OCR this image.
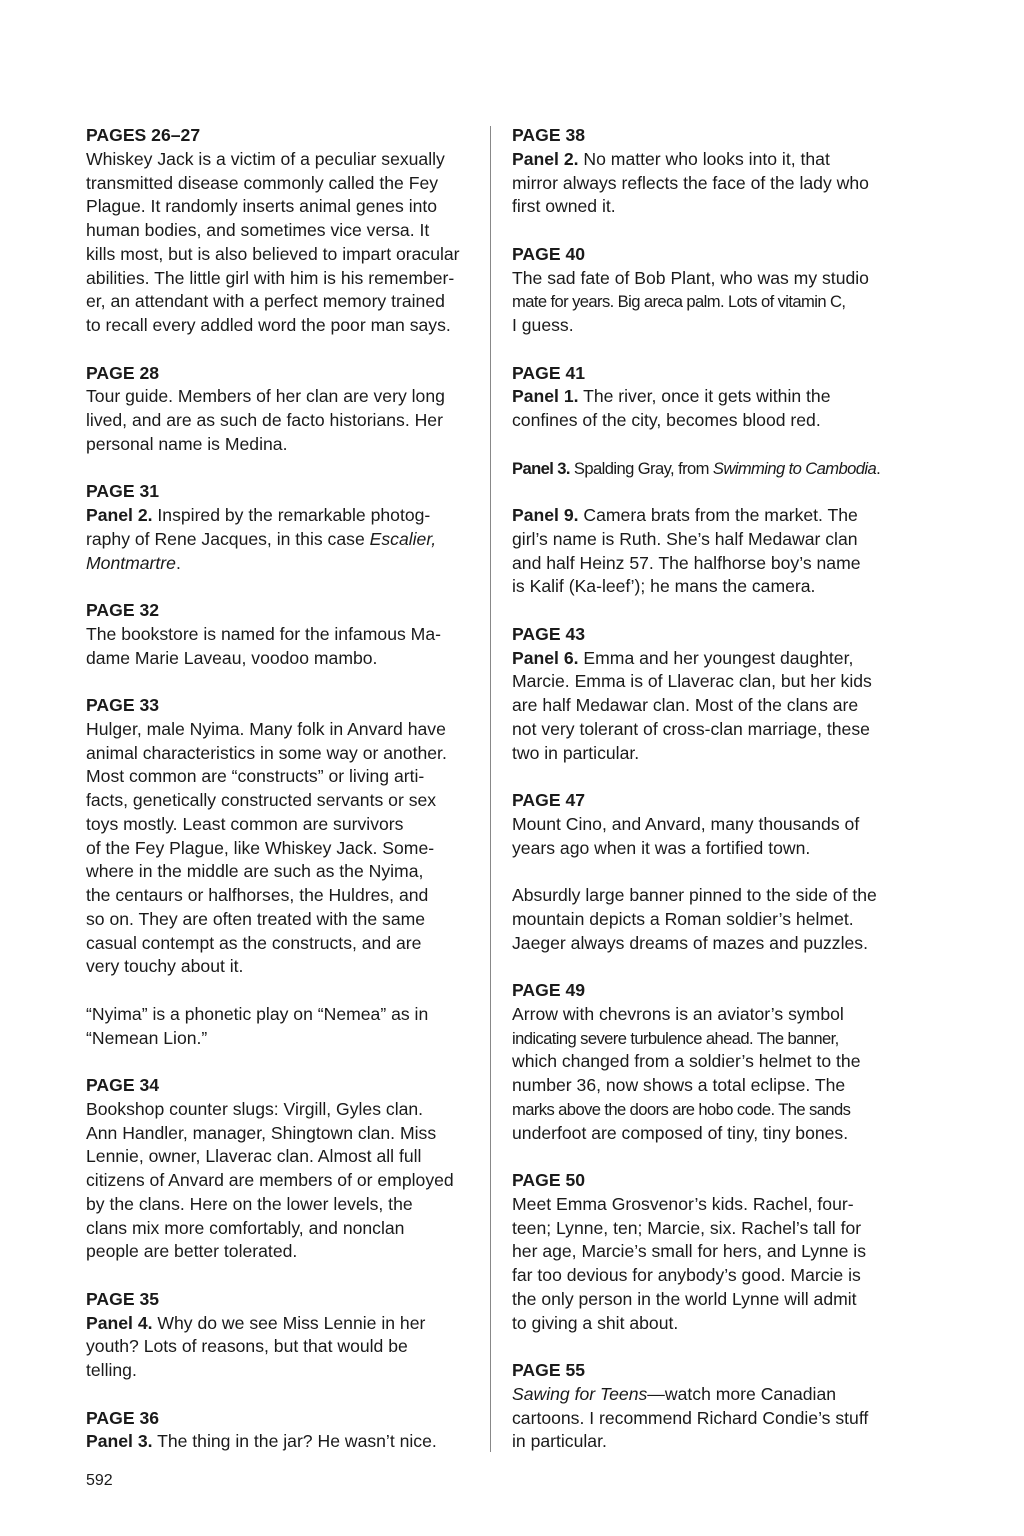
PAGES 26–27
Whiskey Jack is a victim of a peculiar sexually
transmitted disease commonly called the Fey
Plague. It randomly inserts animal genes into
human bodies, and sometimes vice versa. It
kills most, but is also believed to impart oracular
abilities. The little girl with him is his remember-
er, an attendant with a perfect memory trained
to recall every addled word the poor man says.
PAGE 28
Tour guide. Members of her clan are very long
lived, and are as such de facto historians. Her
personal name is Medina.
PAGE 31
Panel 2. Inspired by the remarkable photog-
raphy of Rene Jacques, in this case Escalier,
Montmartre.
PAGE 32
The bookstore is named for the infamous Ma-
dame Marie Laveau, voodoo mambo.
PAGE 33
Hulger, male Nyima. Many folk in Anvard have
animal characteristics in some way or another.
Most common are “constructs” or living arti-
facts, genetically constructed servants or sex
toys mostly. Least common are survivors
of the Fey Plague, like Whiskey Jack. Some-
where in the middle are such as the Nyima,
the centaurs or halfhorses, the Huldres, and
so on. They are often treated with the same
casual contempt as the constructs, and are
very touchy about it.
“Nyima” is a phonetic play on “Nemea” as in
“Nemean Lion.”
PAGE 34
Bookshop counter slugs: Virgill, Gyles clan.
Ann Handler, manager, Shingtown clan. Miss
Lennie, owner, Llaverac clan. Almost all full
citizens of Anvard are members of or employed
by the clans. Here on the lower levels, the
clans mix more comfortably, and nonclan
people are better tolerated.
PAGE 35
Panel 4. Why do we see Miss Lennie in her
youth? Lots of reasons, but that would be
telling.
PAGE 36
Panel 3. The thing in the jar? He wasn’t nice.
PAGE 38
Panel 2. No matter who looks into it, that
mirror always reflects the face of the lady who
first owned it.
PAGE 40
The sad fate of Bob Plant, who was my studio
mate for years. Big areca palm. Lots of vitamin C,
I guess.
PAGE 41
Panel 1. The river, once it gets within the
confines of the city, becomes blood red.
Panel 3. Spalding Gray, from Swimming to Cambodia.
Panel 9. Camera brats from the market. The
girl’s name is Ruth. She’s half Medawar clan
and half Heinz 57. The halfhorse boy’s name
is Kalif (Ka-leef’); he mans the camera.
PAGE 43
Panel 6. Emma and her youngest daughter,
Marcie. Emma is of Llaverac clan, but her kids
are half Medawar clan. Most of the clans are
not very tolerant of cross-clan marriage, these
two in particular.
PAGE 47
Mount Cino, and Anvard, many thousands of
years ago when it was a fortified town.
Absurdly large banner pinned to the side of the
mountain depicts a Roman soldier’s helmet.
Jaeger always dreams of mazes and puzzles.
PAGE 49
Arrow with chevrons is an aviator’s symbol
indicating severe turbulence ahead. The banner,
which changed from a soldier’s helmet to the
number 36, now shows a total eclipse. The
marks above the doors are hobo code. The sands
underfoot are composed of tiny, tiny bones.
PAGE 50
Meet Emma Grosvenor’s kids. Rachel, four-
teen; Lynne, ten; Marcie, six. Rachel’s tall for
her age, Marcie’s small for hers, and Lynne is
far too devious for anybody’s good. Marcie is
the only person in the world Lynne will admit
to giving a shit about.
PAGE 55
Sawing for Teens—watch more Canadian
cartoons. I recommend Richard Condie’s stuff
in particular.
592
